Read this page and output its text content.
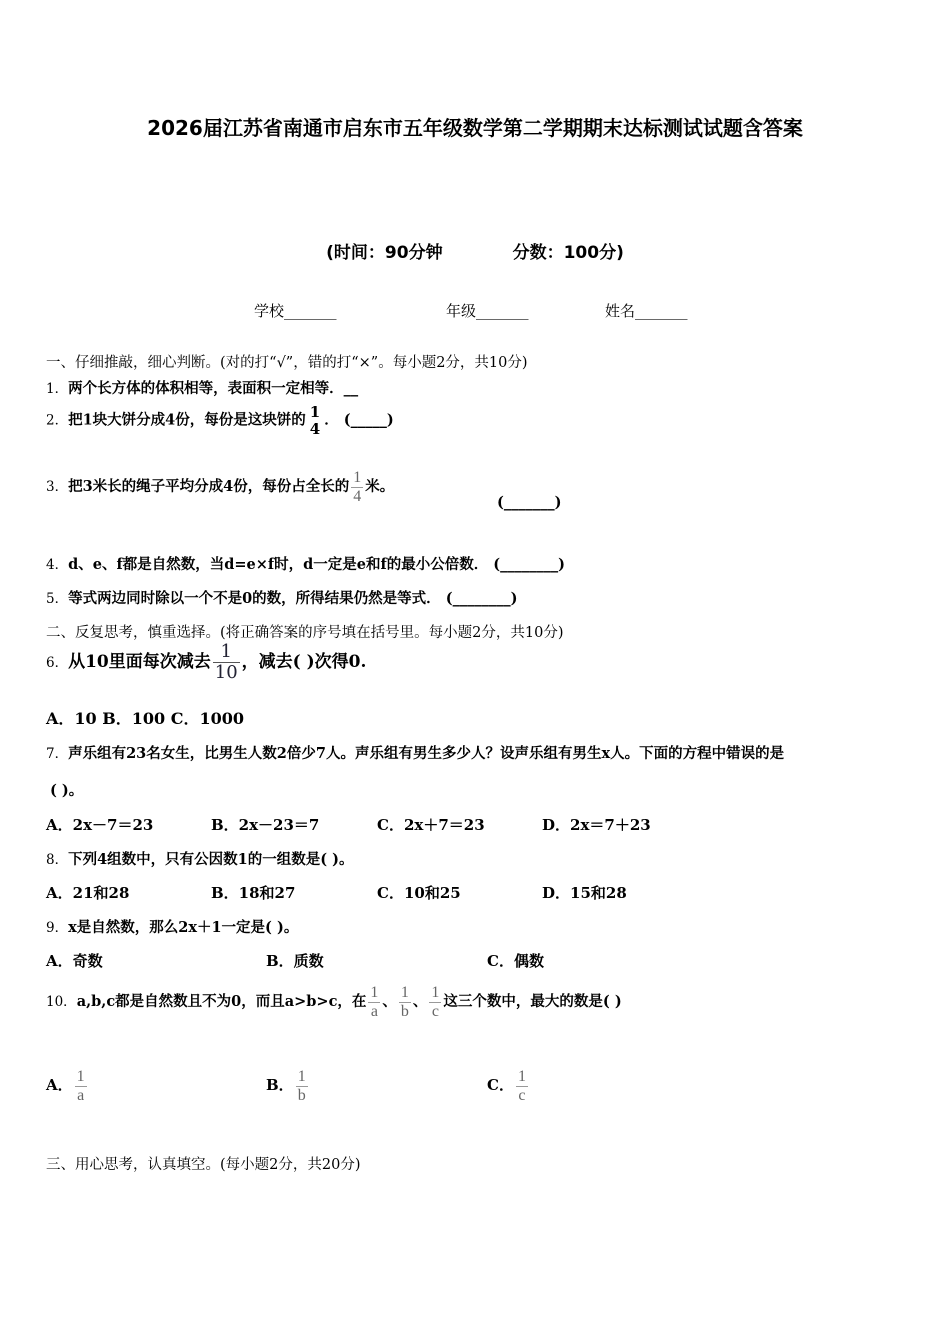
2026届江苏省南通市启东市五年级数学第二学期期末达标测试试题含答案
(时间：90分钟	分数：100分)
学校_______	年级_______	姓名_______
一、仔细推敲，细心判断。(对的打“√”，错的打“×”。每小题2分，共10分)
1．两个长方体的体积相等，表面积一定相等．__
2．把1块大饼分成4份，每份是这块饼的 1
4 ． (_____)
3．把3米长的绳子平均分成4份，每份占全长的 $\frac{1}{4}$ 米。
(_______)
4．d、e、f都是自然数，当d=e×f时，d一定是e和f的最小公倍数． (________)
5．等式两边同时除以一个不是0的数，所得结果仍然是等式． (________)
二、反复思考，慎重选择。(将正确答案的序号填在括号里。每小题2分，共10分)
6．从10里面每次减去 $\frac{1}{10}$ ，减去( )次得0.
A．10 B．100 C．1000
7．声乐组有23名女生，比男生人数2倍少7人。声乐组有男生多少人？设声乐组有男生x人。下面的方程中错误的是
( )。
A．2x－7＝23	B．2x－23＝7	C．2x＋7＝23	D．2x＝7＋23
8．下列4组数中，只有公因数1的一组数是( )。
A．21和28	B．18和27	C．10和25	D．15和28
9．x是自然数，那么2x＋1一定是( )。
A．奇数	B．质数	C．偶数
10．a,b,c都是自然数且不为0，而且a>b>c，在 $\frac{1}{a}$ 、 $\frac{1}{b}$ 、 $\frac{1}{c}$ 这三个数中，最大的数是( )
A． $\frac{1}{a}$	B． $\frac{1}{b}$	C． $\frac{1}{c}$
三、用心思考，认真填空。(每小题2分，共20分)
